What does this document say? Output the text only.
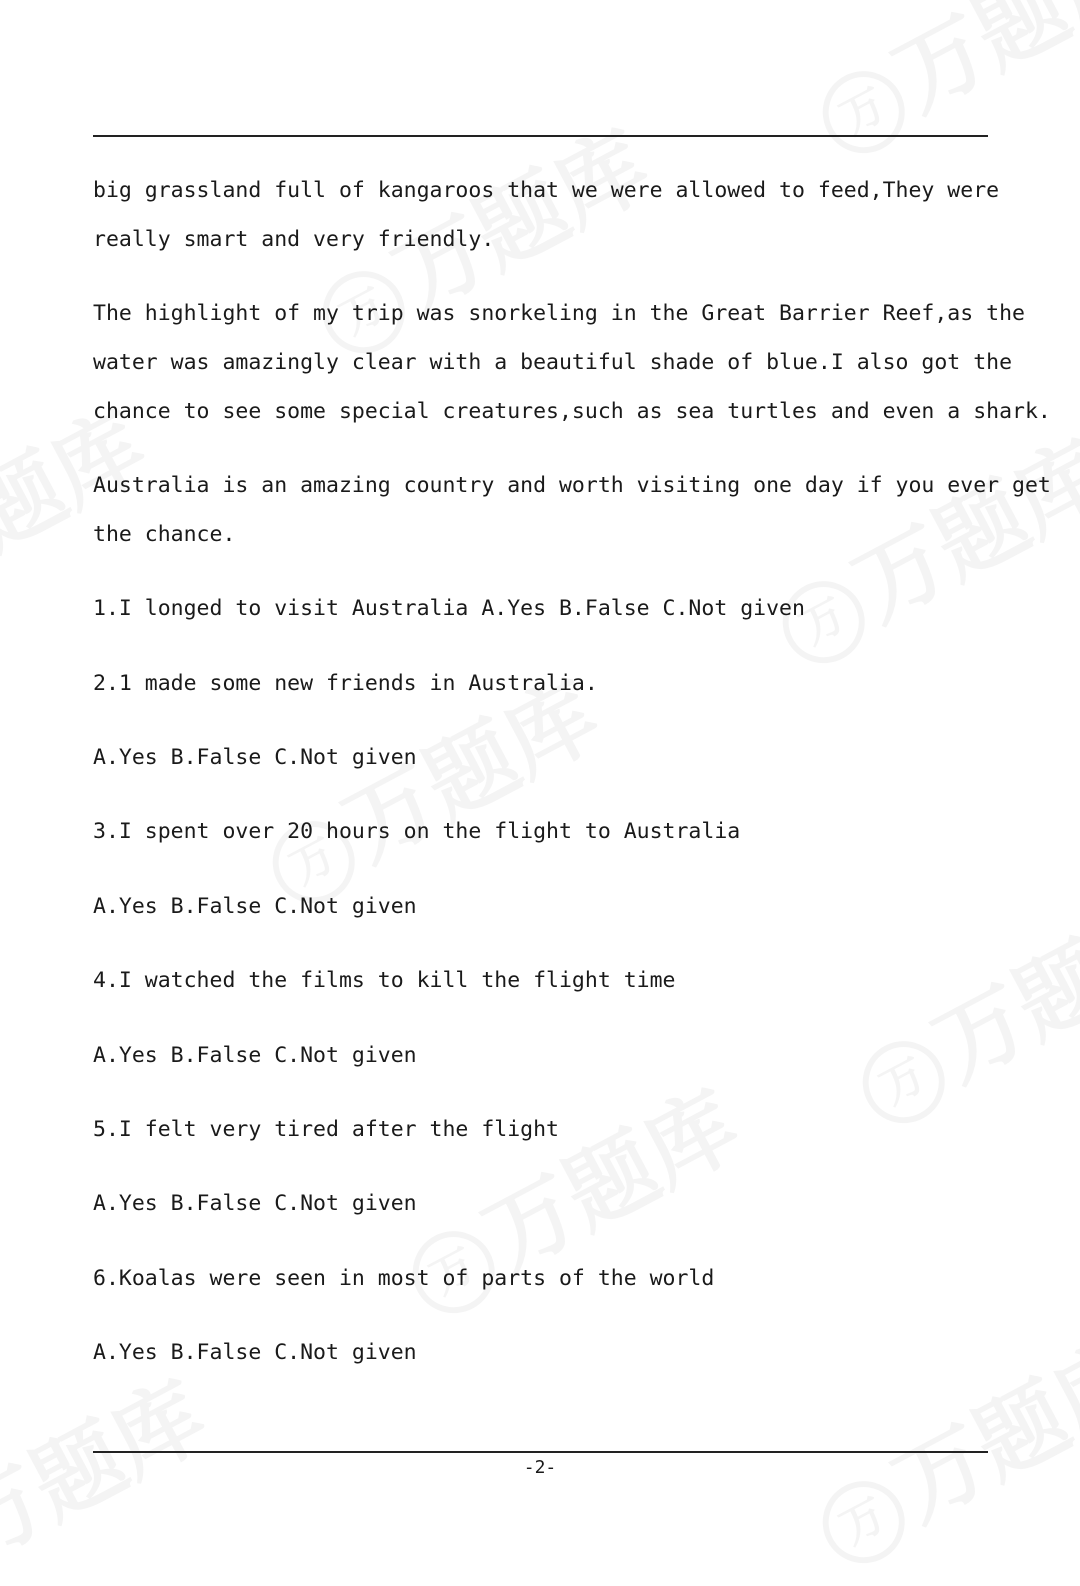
big grassland full of kangaroos that we were allowed to feed,They were
really smart and very friendly.

The highlight of my trip was snorkeling in the Great Barrier Reef,as the
water was amazingly clear with a beautiful shade of blue.I also got the
chance to see some special creatures,such as sea turtles and even a shark.

Australia is an amazing country and worth visiting one day if you ever get
the chance.

1.I longed to visit Australia A.Yes B.False C.Not given

2.1 made some new friends in Australia.

A.Yes B.False C.Not given

3.I spent over 20 hours on the flight to Australia

A.Yes B.False C.Not given

4.I watched the films to kill the flight time

A.Yes B.False C.Not given

5.I felt very tired after the flight

A.Yes B.False C.Not given

6.Koalas were seen in most of parts of the world

A.Yes B.False C.Not given

-2-
